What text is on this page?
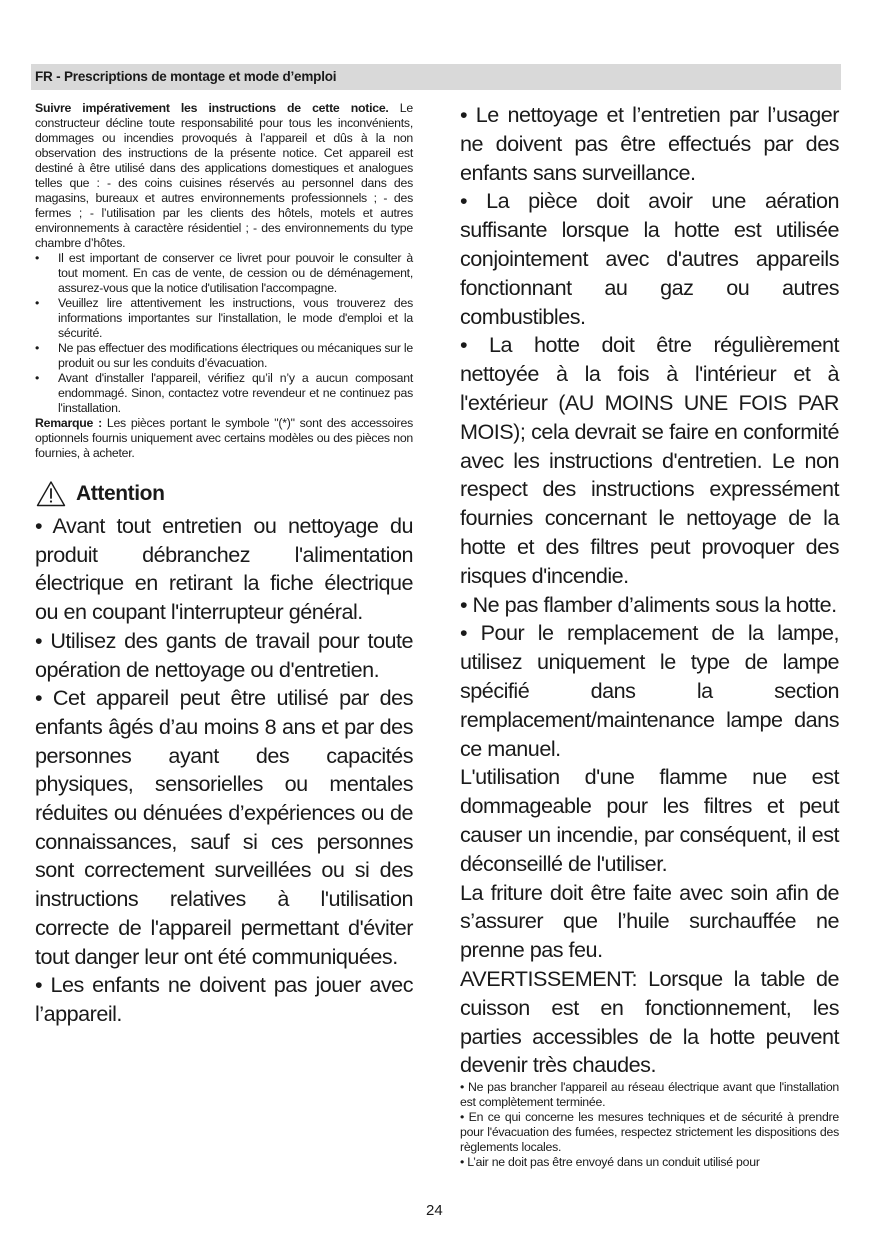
FR - Prescriptions de montage et mode d’emploi

Suivre impérativement les instructions de cette notice. Le constructeur décline toute responsabilité pour tous les inconvénients, dommages ou incendies provoqués à l’appareil et dûs à la non observation des instructions de la présente notice. Cet appareil est destiné à être utilisé dans des applications domestiques et analogues telles que : - des coins cuisines réservés au personnel dans des magasins, bureaux et autres environnements professionnels ; - des fermes ; - l’utilisation par les clients des hôtels, motels et autres environnements à caractère résidentiel ; - des environnements du type chambre d’hôtes.

• Il est important de conserver ce livret pour pouvoir le consulter à tout moment. En cas de vente, de cession ou de déménagement, assurez-vous que la notice d'utilisation l'accompagne.
• Veuillez lire attentivement les instructions, vous trouverez des informations importantes sur l'installation, le mode d'emploi et la sécurité.
• Ne pas effectuer des modifications électriques ou mécaniques sur le produit ou sur les conduits d’évacuation.
• Avant d'installer l'appareil, vérifiez qu’il n’y a aucun composant endommagé. Sinon, contactez votre revendeur et ne continuez pas l'installation.

Remarque : Les pièces portant le symbole "(*)" sont des accessoires optionnels fournis uniquement avec certains modèles ou des pièces non fournies, à acheter.

Attention

• Avant tout entretien ou nettoyage du produit débranchez l'alimentation électrique en retirant la fiche électrique ou en coupant l'interrupteur général.

• Utilisez des gants de travail pour toute opération de nettoyage ou d'entretien.

• Cet appareil peut être utilisé par des enfants âgés d’au moins 8 ans et par des personnes ayant des capacités physiques, sensorielles ou mentales réduites ou dénuées d’expériences ou de connaissances, sauf si ces personnes sont correctement surveillées ou si des instructions relatives à l'utilisation correcte de l'appareil permettant d'éviter tout danger leur ont été communiquées.

• Les enfants ne doivent pas jouer avec l’appareil.

• Le nettoyage et l’entretien par l’usager ne doivent pas être effectués par des enfants sans surveillance.

• La pièce doit avoir une aération suffisante lorsque la hotte est utilisée conjointement avec d'autres appareils fonctionnant au gaz ou autres combustibles.

• La hotte doit être régulièrement nettoyée à la fois à l'intérieur et à l'extérieur (AU MOINS UNE FOIS PAR MOIS); cela devrait se faire en conformité avec les instructions d'entretien. Le non respect des instructions expressément fournies concernant le nettoyage de la hotte et des filtres peut provoquer des risques d'incendie.

• Ne pas flamber d’aliments sous la hotte.

• Pour le remplacement de la lampe, utilisez uniquement le type de lampe spécifié dans la section remplacement/maintenance lampe dans ce manuel.

L'utilisation d'une flamme nue est dommageable pour les filtres et peut causer un incendie, par conséquent, il est déconseillé de l'utiliser.

La friture doit être faite avec soin afin de s’assurer que l’huile surchauffée ne prenne pas feu.

AVERTISSEMENT: Lorsque la table de cuisson est en fonctionnement, les parties accessibles de la hotte peuvent devenir très chaudes.

• Ne pas brancher l'appareil au réseau électrique avant que l'installation est complètement terminée.

• En ce qui concerne les mesures techniques et de sécurité à prendre pour l'évacuation des fumées, respectez strictement les dispositions des règlements locales.

• L’air ne doit pas être envoyé dans un conduit utilisé pour

24
